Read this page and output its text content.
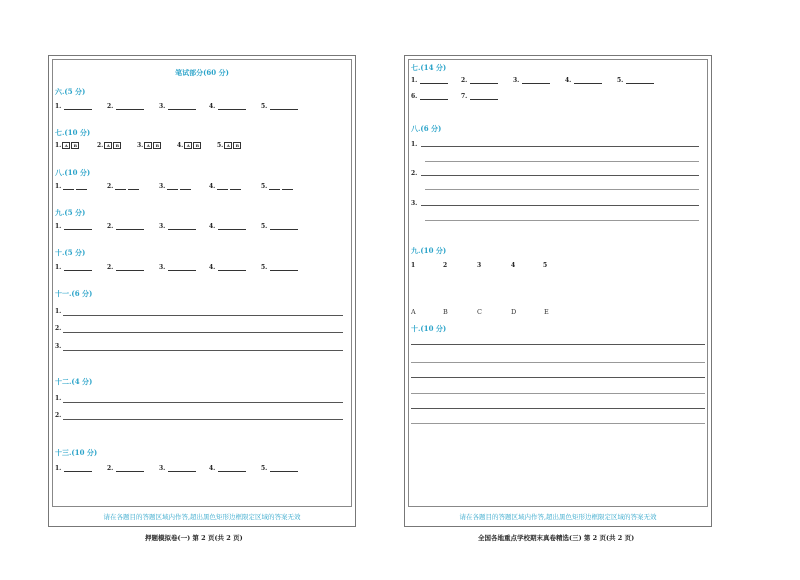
笔试部分(60 分)
六.(5 分)
1.	2.	3.	4.	5.
七.(10 分)
1. A B	2. A B	3. A B	4. A B	5. A B
八.(10 分)
1.	2.	3.	4.	5.
九.(5 分)
1.	2.	3.	4.	5.
十.(5 分)
1.	2.	3.	4.	5.
十一.(6 分)
1.
2.
3.
十二.(4 分)
1.
2.
十三.(10 分)
1.	2.	3.	4.	5.
请在各题目的答题区域内作答,超出黑色矩形边框限定区域的答案无效
押题模拟卷(一) 第 2 页(共 2 页)
七.(14 分)
1.	2.	3.	4.	5.
6.	7.
八.(6 分)
1.
2.
3.
九.(10 分)
1	2	3	4	5
A	B	C	D	E
十.(10 分)
请在各题目的答题区域内作答,超出黑色矩形边框限定区域的答案无效
全国各地重点学校期末真卷精选(三) 第 2 页(共 2 页)
